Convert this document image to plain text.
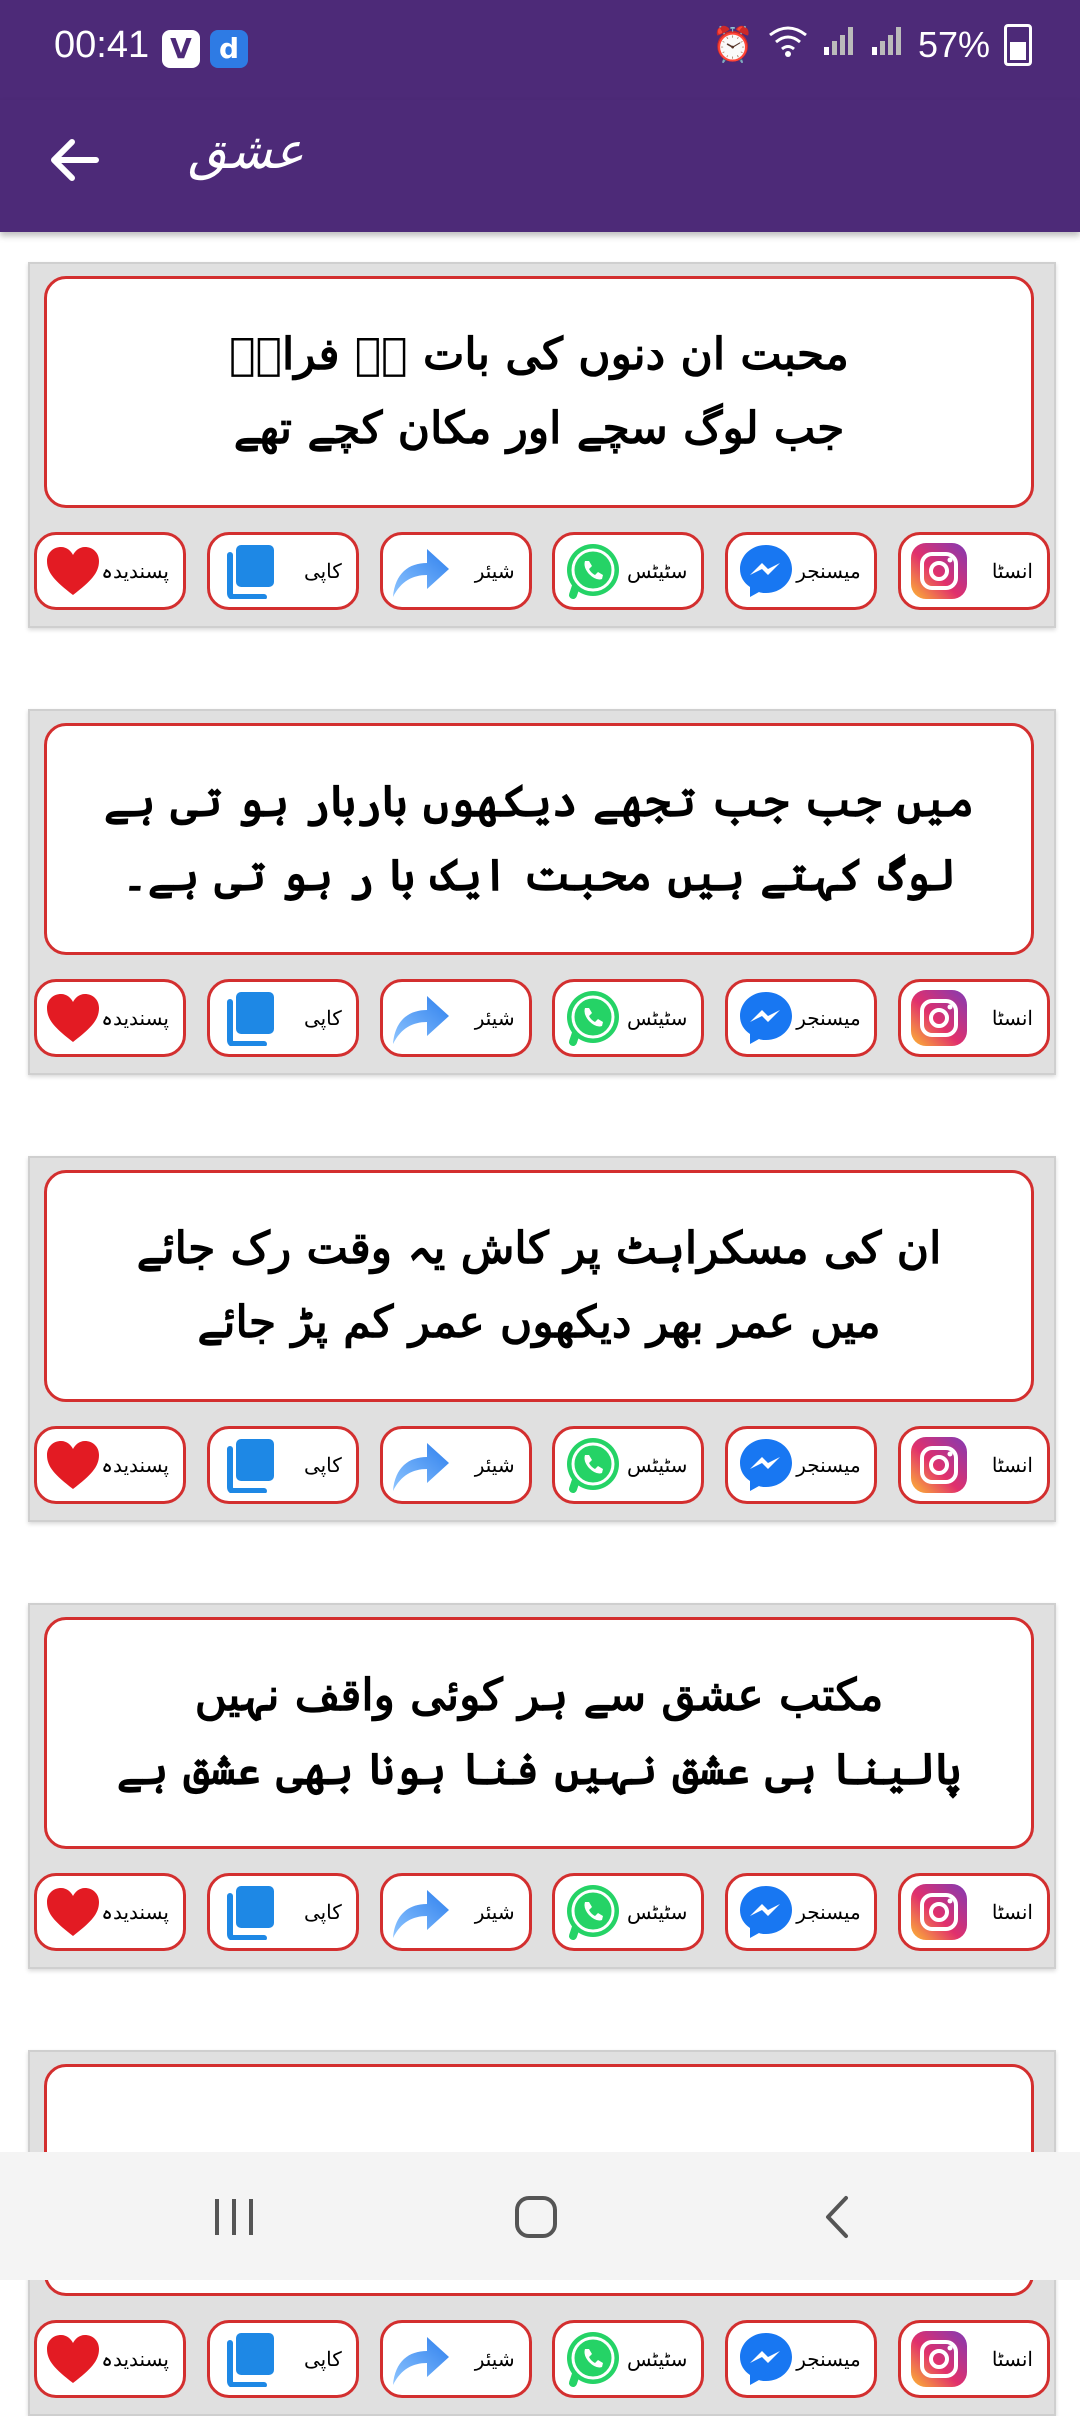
00:41 V d	⏰	57%
عشق
محبت ان دنوں کی بات ہے فرازؔ
جب لوگ سچے اور مکان کچے تھے
پسندیدہ	کاپی	شیئر	سٹیٹس	میسنجر	انسٹا
میں جب جب تجھے دیکھوں باربار ہو تی ہے
لوگ کہتے ہیں محبت ایک با ر ہو تی ہے۔
پسندیدہ	کاپی	شیئر	سٹیٹس	میسنجر	انسٹا
ان کی مسکراہٹ پر کاش یہ وقت رک جائے
میں عمر بھر دیکھوں عمر کم پڑ جائے
پسندیدہ	کاپی	شیئر	سٹیٹس	میسنجر	انسٹا
مکتب عشق سے ہر کوئی واقف نہیں
پالینا ہی عشق نہیں فنا ہونا بھی عشق ہے
پسندیدہ	کاپی	شیئر	سٹیٹس	میسنجر	انسٹا
پسندیدہ	کاپی	شیئر	سٹیٹس	میسنجر	انسٹا
